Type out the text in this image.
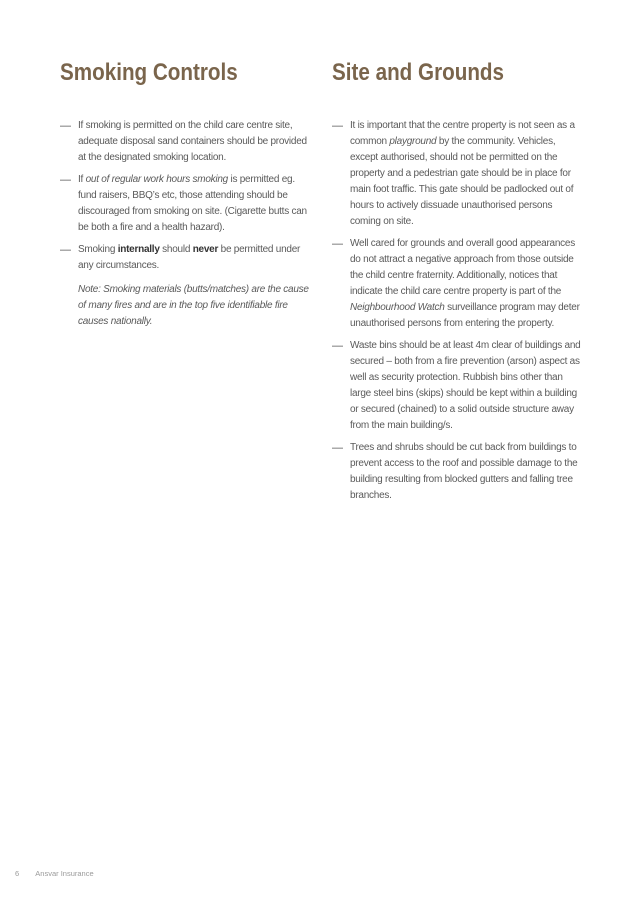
Smoking Controls
— If smoking is permitted on the child care centre site, adequate disposal sand containers should be provided at the designated smoking location.
— If out of regular work hours smoking is permitted eg. fund raisers, BBQ’s etc, those attending should be discouraged from smoking on site. (Cigarette butts can be both a fire and a health hazard).
— Smoking internally should never be permitted under any circumstances.
Note: Smoking materials (butts/matches) are the cause of many fires and are in the top five identifiable fire causes nationally.
Site and Grounds
— It is important that the centre property is not seen as a common playground by the community. Vehicles, except authorised, should not be permitted on the property and a pedestrian gate should be in place for main foot traffic. This gate should be padlocked out of hours to actively dissuade unauthorised persons coming on site.
— Well cared for grounds and overall good appearances do not attract a negative approach from those outside the child centre fraternity. Additionally, notices that indicate the child care centre property is part of the Neighbourhood Watch surveillance program may deter unauthorised persons from entering the property.
— Waste bins should be at least 4m clear of buildings and secured – both from a fire prevention (arson) aspect as well as security protection. Rubbish bins other than large steel bins (skips) should be kept within a building or secured (chained) to a solid outside structure away from the main building/s.
— Trees and shrubs should be cut back from buildings to prevent access to the roof and possible damage to the building resulting from blocked gutters and falling tree branches.
6 Ansvar Insurance
